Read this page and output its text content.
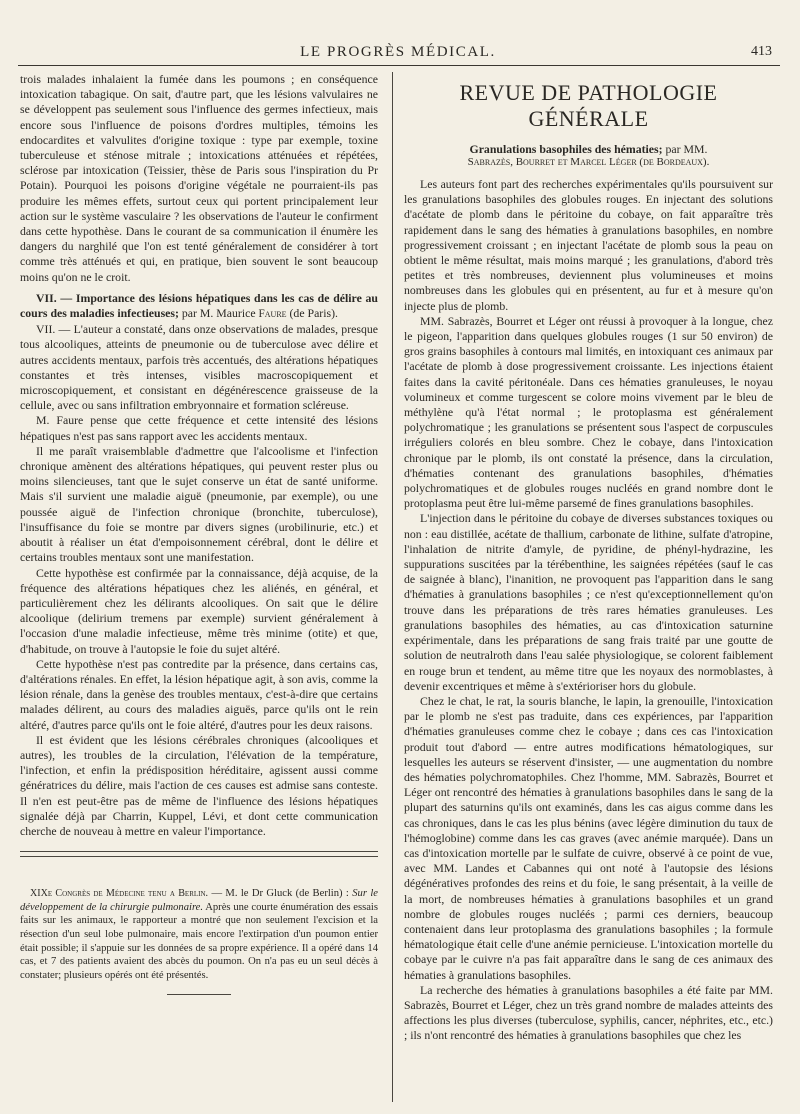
LE PROGRÈS MÉDICAL.	413

trois malades inhalaient la fumée dans les poumons ; en conséquence intoxication tabagique. On sait, d'autre part, que les lésions valvulaires ne se développent pas seulement sous l'influence des germes infectieux, mais encore sous l'influence de poisons d'ordres multiples, témoins les endocardites et valvulites d'origine toxique : type par exemple, toxine tuberculeuse et sténose mitrale ; intoxications atténuées et répétées, sclérose par intoxication (Teissier, thèse de Paris sous l'inspiration du Pr Potain). Pourquoi les poisons d'origine végétale ne pourraient-ils pas produire les mêmes effets, surtout ceux qui portent principalement leur action sur le système vasculaire ? les observations de l'auteur le confirment dans cette hypothèse. Dans le courant de sa communication il énumère les dangers du narghilé que l'on est tenté généralement de considérer à tort comme très atténués et qui, en pratique, bien souvent le sont beaucoup moins qu'on ne le croit.

VII. — Importance des lésions hépatiques dans les cas de délire au cours des maladies infectieuses; par M. Maurice Faure (de Paris).

VII. — L'auteur a constaté, dans onze observations de malades, presque tous alcooliques, atteints de pneumonie ou de tuberculose avec délire et autres accidents mentaux, parfois très accentués, des altérations hépatiques constantes et très intenses, visibles macroscopiquement et microscopiquement, et consistant en dégénérescence graisseuse de la cellule, avec ou sans infiltration embryonnaire et formation scléreuse.

M. Faure pense que cette fréquence et cette intensité des lésions hépatiques n'est pas sans rapport avec les accidents mentaux.

Il me paraît vraisemblable d'admettre que l'alcoolisme et l'infection chronique amènent des altérations hépatiques, qui peuvent rester plus ou moins silencieuses, tant que le sujet conserve un état de santé uniforme. Mais s'il survient une maladie aiguë (pneumonie, par exemple), ou une poussée aiguë de l'infection chronique (bronchite, tuberculose), l'insuffisance du foie se montre par divers signes (urobilinurie, etc.) et aboutit à réaliser un état d'empoisonnement cérébral, dont le délire et certains troubles mentaux sont une manifestation.

Cette hypothèse est confirmée par la connaissance, déjà acquise, de la fréquence des altérations hépatiques chez les aliénés, en général, et particulièrement chez les délirants alcooliques. On sait que le délire alcoolique (delirium tremens par exemple) survient généralement à l'occasion d'une maladie infectieuse, même très minime (otite) et que, d'habitude, on trouve à l'autopsie le foie du sujet altéré.

Cette hypothèse n'est pas contredite par la présence, dans certains cas, d'altérations rénales. En effet, la lésion hépatique agit, à son avis, comme la lésion rénale, dans la genèse des troubles mentaux, c'est-à-dire que certains malades délirent, au cours des maladies aiguës, parce qu'ils ont le rein altéré, d'autres parce qu'ils ont le foie altéré, d'autres pour les deux raisons.

Il est évident que les lésions cérébrales chroniques (alcooliques et autres), les troubles de la circulation, l'élévation de la température, l'infection, et enfin la prédisposition héréditaire, agissent aussi comme génératrices du délire, mais l'action de ces causes est admise sans conteste. Il n'en est peut-être pas de même de l'influence des lésions hépatiques signalée déjà par Charrin, Kuppel, Lévi, et dont cette communication cherche de nouveau à mettre en valeur l'importance.

XIXe Congrès de Médecine tenu a Berlin. — M. le Dr Gluck (de Berlin) : Sur le développement de la chirurgie pulmonaire. Après une courte énumération des essais faits sur les animaux, le rapporteur a montré que non seulement l'excision et la résection d'un seul lobe pulmonaire, mais encore l'extirpation d'un poumon entier était possible; il s'appuie sur les données de sa propre expérience. Il a opéré dans 14 cas, et 7 des patients avaient des abcès du poumon. On n'a pas eu un seul décès à constater; plusieurs opérés ont été présentés.

REVUE DE PATHOLOGIE GÉNÉRALE
Granulations basophiles des hématies; par MM.
Sabrazès, Bourret et Marcel Léger (de Bordeaux).

Les auteurs font part des recherches expérimentales qu'ils poursuivent sur les granulations basophiles des globules rouges. En injectant des solutions d'acétate de plomb dans le péritoine du cobaye, on fait apparaître très rapidement dans le sang des hématies à granulations basophiles, en nombre progressivement croissant ; en injectant l'acétate de plomb sous la peau on obtient le même résultat, mais moins marqué ; les granulations, d'abord très petites et très nombreuses, deviennent plus volumineuses et moins nombreuses dans les globules qui en présentent, au fur et à mesure qu'on injecte plus de plomb.

MM. Sabrazès, Bourret et Léger ont réussi à provoquer à la longue, chez le pigeon, l'apparition dans quelques globules rouges (1 sur 50 environ) de gros grains basophiles à contours mal limités, en intoxiquant ces animaux par l'acétate de plomb à dose progressivement croissante. Les injections étaient faites dans la cavité péritonéale. Dans ces hématies granuleuses, le noyau volumineux et comme turgescent se colore moins vivement par le bleu de méthylène qu'à l'état normal ; le protoplasma est généralement polychromatique ; les granulations se présentent sous l'aspect de corpuscules irréguliers colorés en bleu sombre. Chez le cobaye, dans l'intoxication chronique par le plomb, ils ont constaté la présence, dans la circulation, d'hématies contenant des granulations basophiles, d'hématies polychromatiques et de globules rouges nucléés en grand nombre dont le protoplasma peut être lui-même parsemé de fines granulations basophiles.

L'injection dans le péritoine du cobaye de diverses substances toxiques ou non : eau distillée, acétate de thallium, carbonate de lithine, sulfate d'atropine, l'inhalation de nitrite d'amyle, de pyridine, de phényl-hydrazine, les suppurations suscitées par la térébenthine, les saignées répétées (sauf le cas de saignée à blanc), l'inanition, ne provoquent pas l'apparition dans le sang d'hématies à granulations basophiles ; ce n'est qu'exceptionnellement qu'on trouve dans les préparations de très rares hématies granuleuses. Les granulations basophiles des hématies, au cas d'intoxication saturnine expérimentale, dans les préparations de sang frais traité par une goutte de solution de neutralroth dans l'eau salée physiologique, se colorent faiblement en rouge brun et tendent, au même titre que les noyaux des normoblastes, à devenir excentriques et même à s'extérioriser hors du globule.

Chez le chat, le rat, la souris blanche, le lapin, la grenouille, l'intoxication par le plomb ne s'est pas traduite, dans ces expériences, par l'apparition d'hématies granuleuses comme chez le cobaye ; dans ces cas l'intoxication produit tout d'abord — entre autres modifications hématologiques, sur lesquelles les auteurs se réservent d'insister, — une augmentation du nombre des hématies polychromatophiles. Chez l'homme, MM. Sabrazès, Bourret et Léger ont rencontré des hématies à granulations basophiles dans le sang de la plupart des saturnins qu'ils ont examinés, dans les cas aigus comme dans les cas chroniques, dans le cas les plus bénins (avec légère diminution du taux de l'hémoglobine) comme dans les cas graves (avec anémie marquée). Dans un cas d'intoxication mortelle par le sulfate de cuivre, observé à ce point de vue, avec MM. Landes et Cabannes qui ont noté à l'autopsie des lésions dégénératives profondes des reins et du foie, le sang présentait, à la veille de la mort, de nombreuses hématies à granulations basophiles et un grand nombre de globules rouges nucléés ; parmi ces derniers, beaucoup contenaient dans leur protoplasma des granulations basophiles ; la formule hématologique était celle d'une anémie pernicieuse. L'intoxication mortelle du cobaye par le cuivre n'a pas fait apparaître dans le sang de ces animaux des hématies à granulations basophiles.

La recherche des hématies à granulations basophiles a été faite par MM. Sabrazès, Bourret et Léger, chez un très grand nombre de malades atteints des affections les plus diverses (tuberculose, syphilis, cancer, néphrites, etc., etc.) ; ils n'ont rencontré des hématies à granulations basophiles que chez les
